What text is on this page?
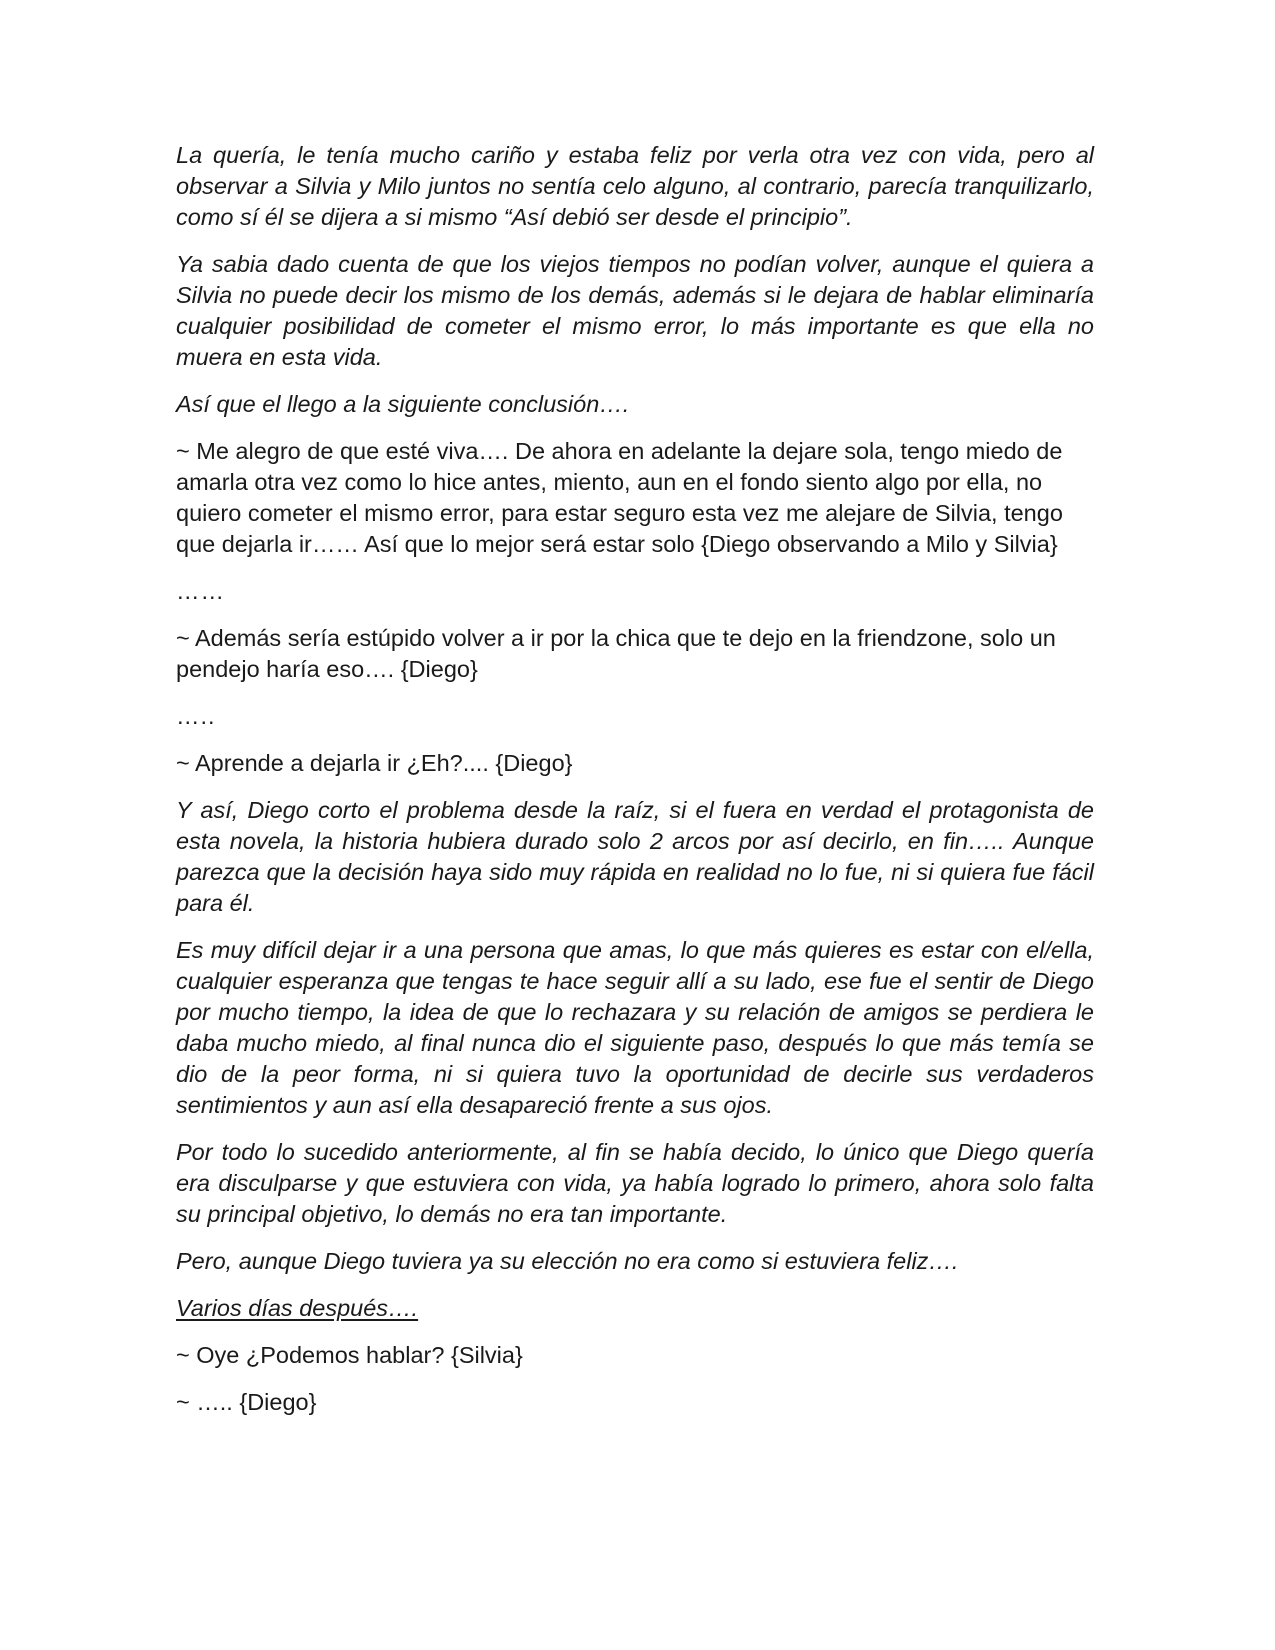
La quería, le tenía mucho cariño y estaba feliz por verla otra vez con vida, pero al observar a Silvia y Milo juntos no sentía celo alguno, al contrario, parecía tranquilizarlo, como sí él se dijera a si mismo “Así debió ser desde el principio”.

Ya sabia dado cuenta de que los viejos tiempos no podían volver, aunque el quiera a Silvia no puede decir los mismo de los demás, además si le dejara de hablar eliminaría cualquier posibilidad de cometer el mismo error, lo más importante es que ella no muera en esta vida.

Así que el llego a la siguiente conclusión….

~ Me alegro de que esté viva…. De ahora en adelante la dejare sola, tengo miedo de amarla otra vez como lo hice antes, miento, aun en el fondo siento algo por ella, no quiero cometer el mismo error, para estar seguro esta vez me alejare de Silvia, tengo que dejarla ir…… Así que lo mejor será estar solo {Diego observando a Milo y Silvia}

……

~ Además sería estúpido volver a ir por la chica que te dejo en la friendzone, solo un pendejo haría eso…. {Diego}

…..

~ Aprende a dejarla ir ¿Eh?.... {Diego}

Y así, Diego corto el problema desde la raíz, si el fuera en verdad el protagonista de esta novela, la historia hubiera durado solo 2 arcos por así decirlo, en fin….. Aunque parezca que la decisión haya sido muy rápida en realidad no lo fue, ni si quiera fue fácil para él.

Es muy difícil dejar ir a una persona que amas, lo que más quieres es estar con el/ella, cualquier esperanza que tengas te hace seguir allí a su lado, ese fue el sentir de Diego por mucho tiempo, la idea de que lo rechazara y su relación de amigos se perdiera le daba mucho miedo, al final nunca dio el siguiente paso, después lo que más temía se dio de la peor forma, ni si quiera tuvo la oportunidad de decirle sus verdaderos sentimientos y aun así ella desapareció frente a sus ojos.

Por todo lo sucedido anteriormente, al fin se había decido, lo único que Diego quería era disculparse y que estuviera con vida, ya había logrado lo primero, ahora solo falta su principal objetivo, lo demás no era tan importante.

Pero, aunque Diego tuviera ya su elección no era como si estuviera feliz….

Varios días después….

~ Oye ¿Podemos hablar? {Silvia}

~ ….. {Diego}
